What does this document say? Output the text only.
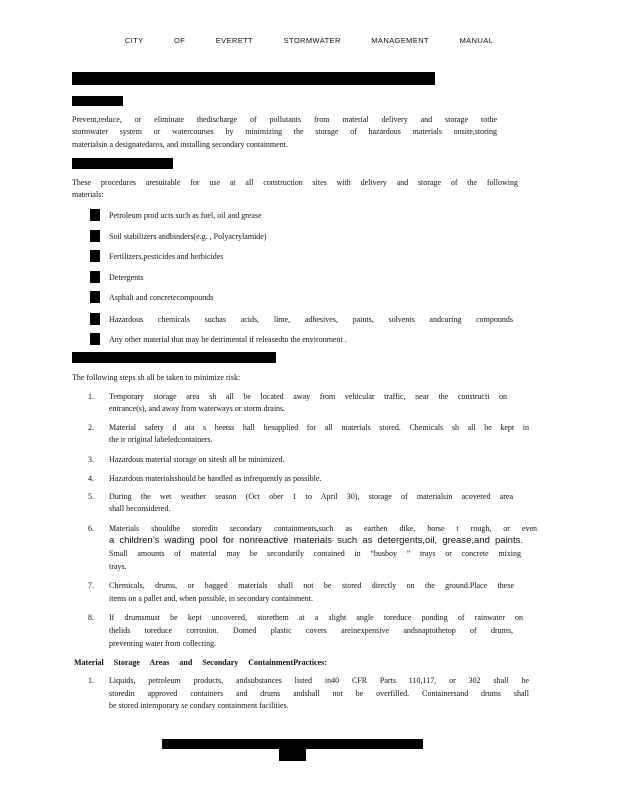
CITY	OF	EVERETT	STORMWATER	MANAGEMENT	MANUAL
Prevent,reduce, or eliminate thedischarge of pollutants from material delivery and storage tothe
stormwater system or watercourses by minimizing the storage of hazardous materials onsite,storing
materialsin a designatedarea, and installing secondary containment.
These procedures aresuitable for use at all construction sites with delivery and storage of the following
materials:
Petroleum prod ucts such as fuel, oil and grease
Soil stabilizers andbinders(e.g. , Polyacrylamide)
Fertilizers,pesticides and herbicides
Detergents
Asphalt and concretecompounds
Hazardous chemicals suchas acids, lime, adhesives, paints, solvents andcuring compounds
Any other material that may be detrimental if releasedto the environment .
The following steps sh all be taken to minimize risk:
1. Temporary storage area sh all be located away from vehicular traffic, near the constructi on
entrance(s), and away from waterways or storm drains.
2. Material safety d ata s heetss hall besupplied for all materials stored. Chemicals sh all be kept in
the ir original labeledcontainers.
3. Hazardous material storage on sitesh all be minimized.
4. Hazardous materialsshould be handled as infrequently as possible.
5. During the wet weather season (Oct ober 1 to April 30), storage of materialsin acovered area
shall beconsidered.
6. Materials shouldbe storedin secondary containments,such as earthen dike, horse t rough, or even
a children’s wading pool for nonreactive materials such as detergents,oil, grease,and paints.
Small amounts of material may be secondarily contained in “busboy ” trays or concrete mixing
trays.
7. Chemicals, drums, or bagged materials shall not be stored directly on the ground.Place these
items on a pallet and, when possible, in secondary containment.
8. If drumsmust be kept uncovered, storethem at a slight angle toreduce ponding of rainwater on
thelids toreduce corrosion. Domed plastic covers areinexpensive andsnaptothetop of drums,
preventing water from collecting.
Material Storage Areas and Secondary ContainmentPractices:
1. Liquids, petroleum products, andsubstances listed in40 CFR Parts 110,117, or 302 shall be
storedin approved containers and drums andshall not be overfilled. Containersand drums shall
be stored intemporary se condary containment facilities.
